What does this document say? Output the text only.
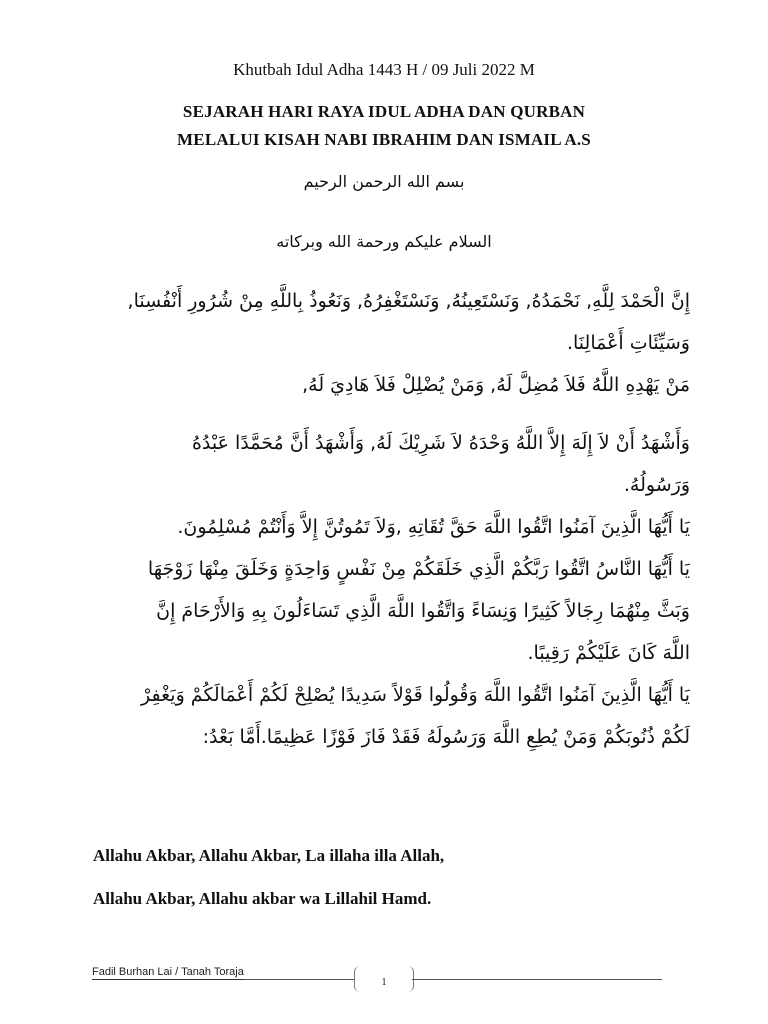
Khutbah Idul Adha 1443 H / 09 Juli 2022 M
SEJARAH HARI RAYA IDUL ADHA DAN QURBAN
MELALUI KISAH NABI IBRAHIM DAN ISMAIL A.S
بسم الله الرحمن الرحيم
السلام عليكم ورحمة الله وبركاته
إِنَّ الْحَمْدَ لِلَّهِ, نَحْمَدُهُ, وَنَسْتَعِينُهُ, وَنَسْتَغْفِرُهُ, وَنَعُوذُ بِاللَّهِ مِنْ شُرُورِ أَنْفُسِنَا,
وَسَيِّئَاتِ أَعْمَالِنَا.
مَنْ يَهْدِهِ اللَّهُ فَلاَ مُضِلَّ لَهُ, وَمَنْ يُضْلِلْ فَلاَ هَادِيَ لَهُ,
وَأَشْهَدُ أَنْ لاَ إِلَهَ إِلاَّ اللَّهُ وَحْدَهُ لاَ شَرِيْكَ لَهُ, وَأَشْهَدُ أَنَّ مُحَمَّدًا عَبْدُهُ
وَرَسُولُهُ.
يَا أَيُّهَا الَّذِينَ آمَنُوا اتَّقُوا اللَّهَ حَقَّ تُقَاتِهِ ,وَلاَ تَمُوتُنَّ إِلاَّ وَأَنْتُمْ مُسْلِمُونَ.
يَا أَيُّهَا النَّاسُ اتَّقُوا رَبَّكُمْ الَّذِي خَلَقَكُمْ مِنْ نَفْسٍ وَاحِدَةٍ وَخَلَقَ مِنْهَا زَوْجَهَا
وَبَثَّ مِنْهُمَا رِجَالاً كَثِيرًا وَنِسَاءً وَاتَّقُوا اللَّهَ الَّذِي تَسَاءَلُونَ بِهِ وَالأَرْحَامَ إِنَّ
اللَّهَ كَانَ عَلَيْكُمْ رَقِيبًا.
يَا أَيُّهَا الَّذِينَ آمَنُوا اتَّقُوا اللَّهَ وَقُولُوا قَوْلاً سَدِيدًا يُصْلِحْ لَكُمْ أَعْمَالَكُمْ وَيَغْفِرْ
لَكُمْ ذُنُوبَكُمْ وَمَنْ يُطِعِ اللَّهَ وَرَسُولَهُ فَقَدْ فَازَ فَوْزًا عَظِيمًا.أَمَّا بَعْدُ:
Allahu Akbar, Allahu Akbar, La illaha illa Allah,
Allahu Akbar, Allahu akbar wa Lillahil Hamd.
Fadil Burhan Lai / Tanah Toraja
1
